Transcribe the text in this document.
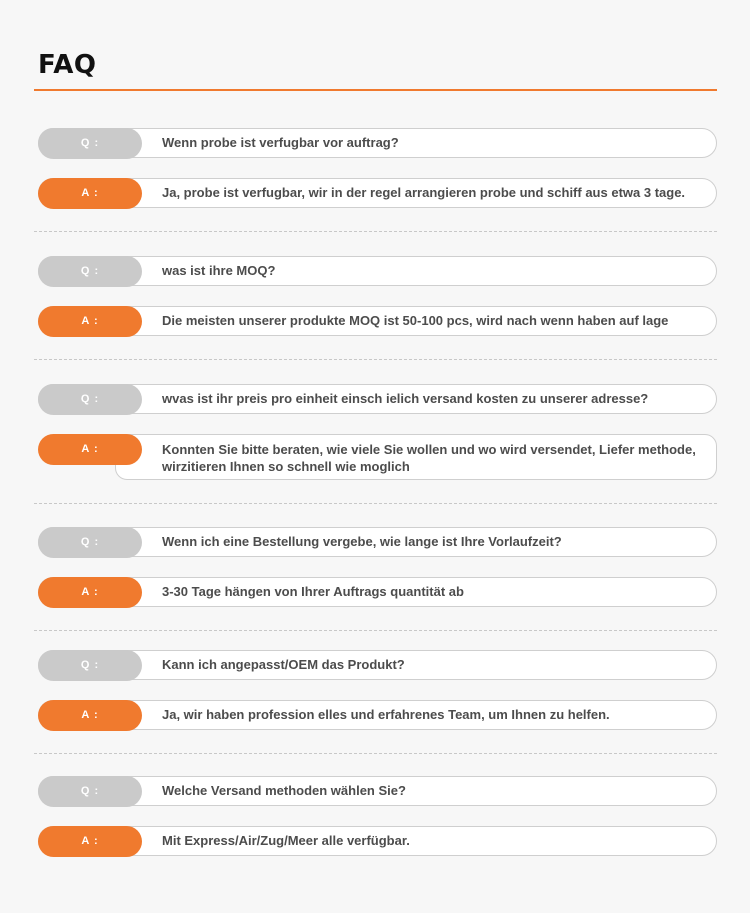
FAQ
Q :	Wenn probe ist verfugbar vor auftrag?
A :	Ja, probe ist verfugbar, wir in der regel arrangieren probe und schiff aus etwa 3 tage.
Q :	was ist ihre MOQ?
A :	Die meisten unserer produkte MOQ ist 50-100 pcs, wird nach wenn haben auf lage
Q :	wvas ist ihr preis pro einheit einsch ielich versand kosten zu unserer adresse?
A :	Konnten Sie bitte beraten, wie viele Sie wollen und wo wird versendet, Liefer methode, wirzitieren Ihnen so schnell wie moglich
Q :	Wenn ich eine Bestellung vergebe, wie lange ist Ihre Vorlaufzeit?
A :	3-30 Tage hängen von Ihrer Auftrags quantität ab
Q :	Kann ich angepasst/OEM das Produkt?
A :	Ja, wir haben profession elles und erfahrenes Team, um Ihnen zu helfen.
Q :	Welche Versand methoden wählen Sie?
A :	Mit Express/Air/Zug/Meer alle verfügbar.
